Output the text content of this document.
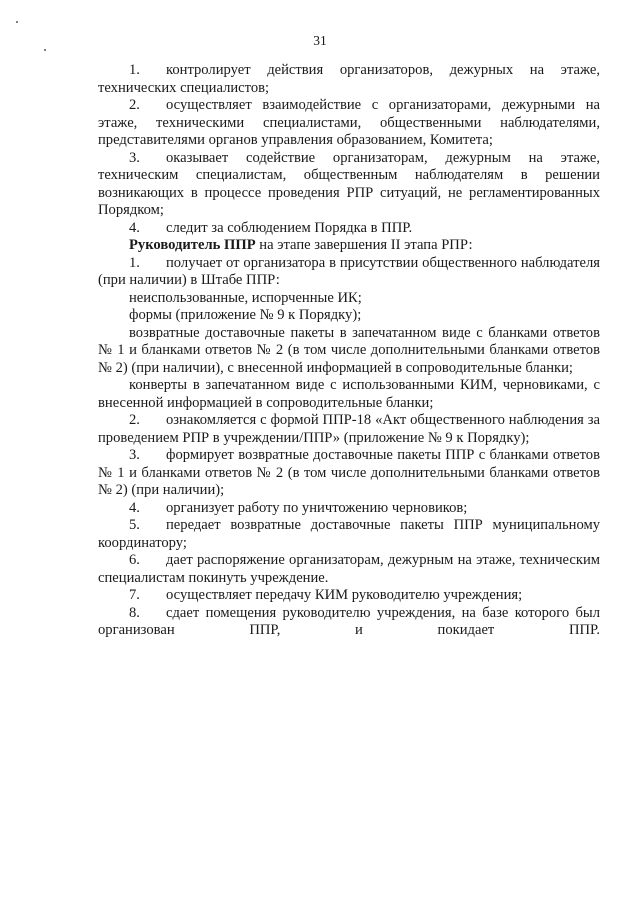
31

1. контролирует действия организаторов, дежурных на этаже, технических специалистов;

2. осуществляет взаимодействие с организаторами, дежурными на этаже, техническими специалистами, общественными наблюдателями, представителями органов управления образованием, Комитета;

3. оказывает содействие организаторам, дежурным на этаже, техническим специалистам, общественным наблюдателям в решении возникающих в процессе проведения РПР ситуаций, не регламентированных Порядком;

4. следит за соблюдением Порядка в ППР.

Руководитель ППР на этапе завершения II этапа РПР:

1. получает от организатора в присутствии общественного наблюдателя (при наличии) в Штабе ППР:

неиспользованные, испорченные ИК;

формы (приложение № 9 к Порядку);

возвратные доставочные пакеты в запечатанном виде с бланками ответов № 1 и бланками ответов № 2 (в том числе дополнительными бланками ответов № 2) (при наличии), с внесенной информацией в сопроводительные бланки;

конверты в запечатанном виде с использованными КИМ, черновиками, с внесенной информацией в сопроводительные бланки;

2. ознакомляется с формой ППР-18 «Акт общественного наблюдения за проведением РПР в учреждении/ППР» (приложение № 9 к Порядку);

3. формирует возвратные доставочные пакеты ППР с бланками ответов № 1 и бланками ответов № 2 (в том числе дополнительными бланками ответов № 2) (при наличии);

4. организует работу по уничтожению черновиков;

5. передает возвратные доставочные пакеты ППР муниципальному координатору;

6. дает распоряжение организаторам, дежурным на этаже, техническим специалистам покинуть учреждение.

7. осуществляет передачу КИМ руководителю учреждения;

8. сдает помещения руководителю учреждения, на базе которого был организован ППР, и покидает ППР.
